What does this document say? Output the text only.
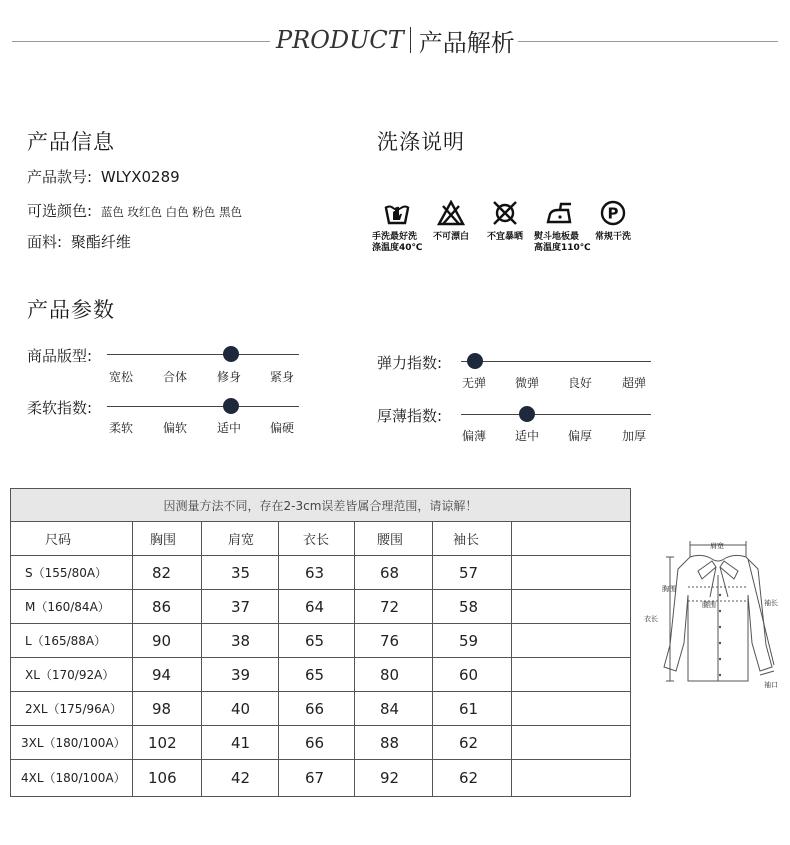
PRODUCT 产品解析
产品信息
产品款号: WLYX0289
可选颜色: 蓝色 玫红色 白色 粉色 黑色
面料: 聚酯纤维
洗涤说明
手洗最好洗
涤温度40℃
不可漂白	不宜暴晒	熨斗地板最
高温度110℃
P
常规干洗
产品参数
商品版型:
宽松 合体 修身 紧身
柔软指数:
柔软 偏软 适中 偏硬
弹力指数:
无弹 微弹 良好 超弹
厚薄指数:
偏薄 适中 偏厚 加厚
因测量方法不同，存在2-3cm误差皆属合理范围，请谅解！
尺码	胸围	肩宽	衣长	腰围	袖长
S（155/80A）	82	35	63	68	57
M（160/84A）	86	37	64	72	58
L（165/88A）	90	38	65	76	59
XL（170/92A）	94	39	65	80	60
2XL（175/96A） 98	40	66	84	61
3XL（180/100A） 102	41	66	88	62
4XL（180/100A） 106	42	67	92	62
肩宽
胸围
腰围
衣长
袖长
袖口
